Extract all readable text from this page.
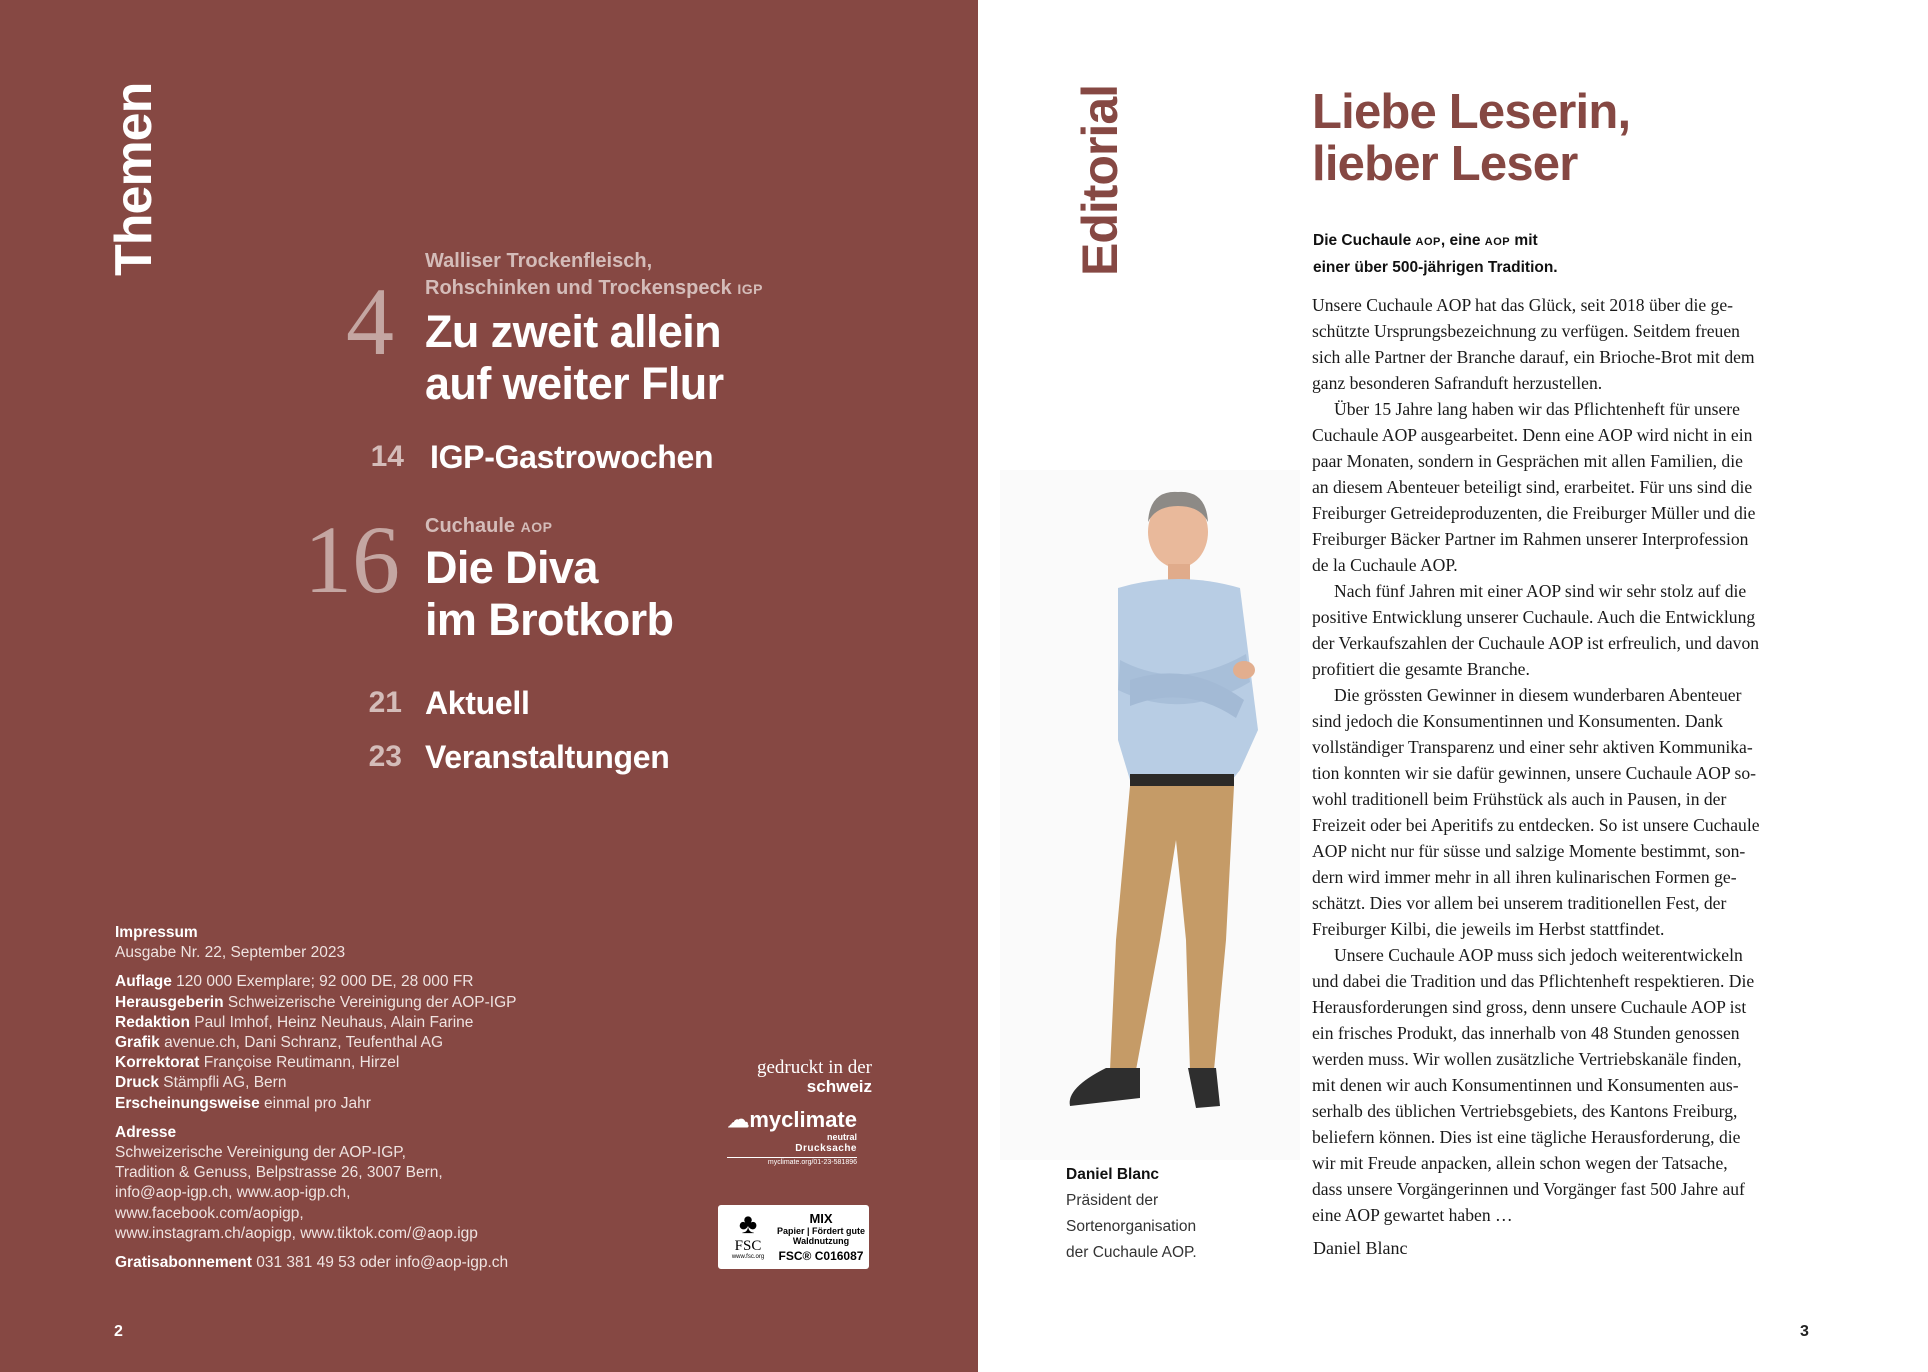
Themen
4
Walliser Trockenfleisch,
Rohschinken und Trockenspeck IGP
Zu zweit allein
auf weiter Flur
14 IGP-Gastrowochen
16 Cuchaule AOP
Die Diva
im Brotkorb
21 Aktuell
23 Veranstaltungen
Impressum
Ausgabe Nr. 22, September 2023
Auflage 120 000 Exemplare; 92 000 DE, 28 000 FR
Herausgeberin Schweizerische Vereinigung der AOP-IGP
Redaktion Paul Imhof, Heinz Neuhaus, Alain Farine
Grafik avenue.ch, Dani Schranz, Teufenthal AG
Korrektorat Françoise Reutimann, Hirzel
Druck Stämpfli AG, Bern
Erscheinungsweise einmal pro Jahr
Adresse
Schweizerische Vereinigung der AOP-IGP,
Tradition & Genuss, Belpstrasse 26, 3007 Bern,
info@aop-igp.ch, www.aop-igp.ch,
www.facebook.com/aopigp,
www.instagram.ch/aopigp, www.tiktok.com/@aop.igp
Gratisabonnement 031 381 49 53 oder info@aop-igp.ch
gedruckt in der
schweiz
☁myclimate
neutral
Drucksache
myclimate.org/01-23-581896
♣
FSC
www.fsc.org
MIX
Papier | Fördert gute Waldnutzung
FSC® C016087
2
Editorial	Liebe Leserin,
lieber Leser
Die Cuchaule AOP, eine AOP mit
einer über 500-jährigen Tradition.

Unsere Cuchaule AOP hat das Glück, seit 2018 über die ge-
schützte Ursprungsbezeichnung zu verfügen. Seitdem freuen
sich alle Partner der Branche darauf, ein Brioche-Brot mit dem
ganz besonderen Safranduft herzustellen.

Über 15 Jahre lang haben wir das Pflichtenheft für unsere
Cuchaule AOP ausgearbeitet. Denn eine AOP wird nicht in ein
paar Monaten, sondern in Gesprächen mit allen Familien, die
an diesem Abenteuer beteiligt sind, erarbeitet. Für uns sind die
Freiburger Getreideproduzenten, die Freiburger Müller und die
Freiburger Bäcker Partner im Rahmen unserer Interprofession
de la Cuchaule AOP.

Nach fünf Jahren mit einer AOP sind wir sehr stolz auf die
positive Entwicklung unserer Cuchaule. Auch die Entwicklung
der Verkaufszahlen der Cuchaule AOP ist erfreulich, und davon
profitiert die gesamte Branche.

Die grössten Gewinner in diesem wunderbaren Abenteuer
sind jedoch die Konsumentinnen und Konsumenten. Dank
vollständiger Transparenz und einer sehr aktiven Kommunika-
tion konnten wir sie dafür gewinnen, unsere Cuchaule AOP so-
wohl traditionell beim Frühstück als auch in Pausen, in der
Freizeit oder bei Aperitifs zu entdecken. So ist unsere Cuchaule
AOP nicht nur für süsse und salzige Momente bestimmt, son-
dern wird immer mehr in all ihren kulinarischen Formen ge-
schätzt. Dies vor allem bei unserem traditionellen Fest, der
Freiburger Kilbi, die jeweils im Herbst stattfindet.

Unsere Cuchaule AOP muss sich jedoch weiterentwickeln
und dabei die Tradition und das Pflichtenheft respektieren. Die
Herausforderungen sind gross, denn unsere Cuchaule AOP ist
ein frisches Produkt, das innerhalb von 48 Stunden genossen
werden muss. Wir wollen zusätzliche Vertriebskanäle finden,
mit denen wir auch Konsumentinnen und Konsumenten aus-
serhalb des üblichen Vertriebsgebiets, des Kantons Freiburg,
beliefern können. Dies ist eine tägliche Herausforderung, die
wir mit Freude anpacken, allein schon wegen der Tatsache,
dass unsere Vorgängerinnen und Vorgänger fast 500 Jahre auf
eine AOP gewartet haben …

Daniel Blanc
Daniel Blanc
Präsident der
Sortenorganisation
der Cuchaule AOP.
3
